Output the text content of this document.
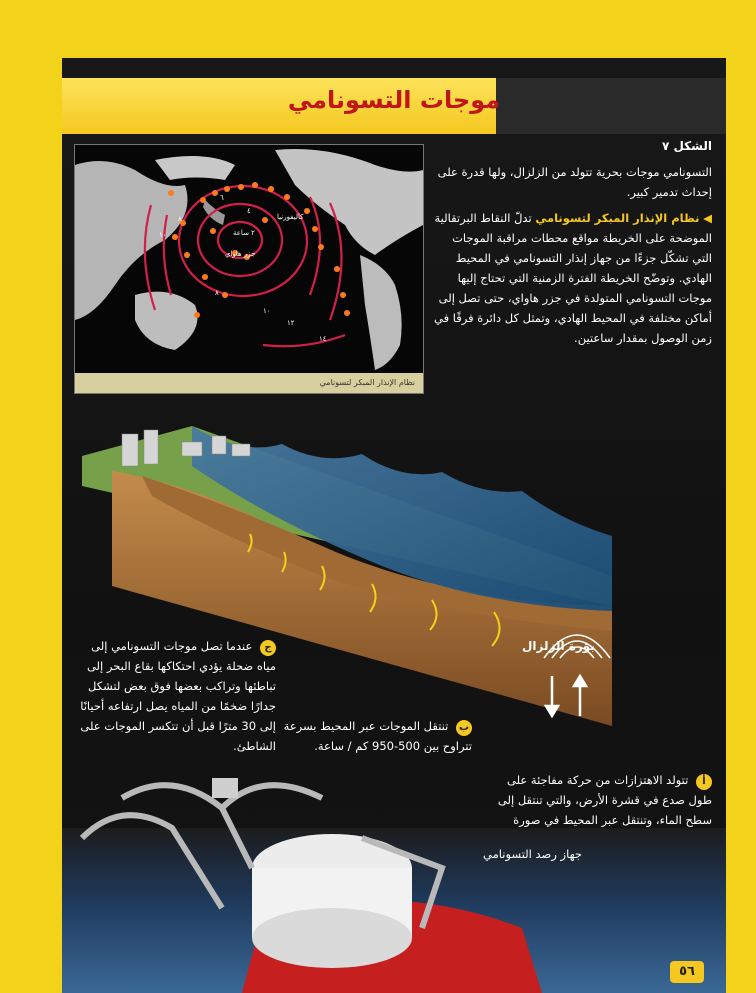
موجات التسونامي
الشكل ٧
التسونامي موجات بحرية تتولد من الزلزال، ولها قدرة على إحداث تدمير كبير.
◀ نظام الإنذار المبكر لتسونامي تدلّ النقاط البرتقالية الموضحة على الخريطة مواقع محطات مراقبة الموجات التي تشكّل جزءًا من جهاز إنذار التسونامي في المحيط الهادي. وتوضّح الخريطة الفترة الزمنية التي تحتاج إليها موجات التسونامي المتولدة في جزر هاواي، حتى تصل إلى أماكن مختلفة في المحيط الهادي، وتمثل كل دائرة فرقًا في زمن الوصول بمقدار ساعتين.
جزر هاواي
كاليفورنيا
٢ ساعة
٤
٦
٨
٨
١٠
١٠
١٢
١٤
نظام الإنذار المبكر لتسونامي
بؤرة الزلزال
ج عندما تصل موجات التسونامي إلى مياه ضحلة يؤدي احتكاكها بقاع البحر إلى تباطئها وتراكب بعضها فوق بعض لتشكل جدارًا ضخمًا من المياه يصل ارتفاعه أحيانًا إلى 30 مترًا قبل أن تتكسر الموجات على الشاطئ.
ب تنتقل الموجات عبر المحيط بسرعة تتراوح بين 500-950 كم / ساعة.
أ تتولد الاهتزازات من حركة مفاجئة على طول صدع في قشرة الأرض، والتي تنتقل إلى سطح الماء، وتنتقل عبر المحيط في صورة
جهاز رصد التسونامي
٥٦
